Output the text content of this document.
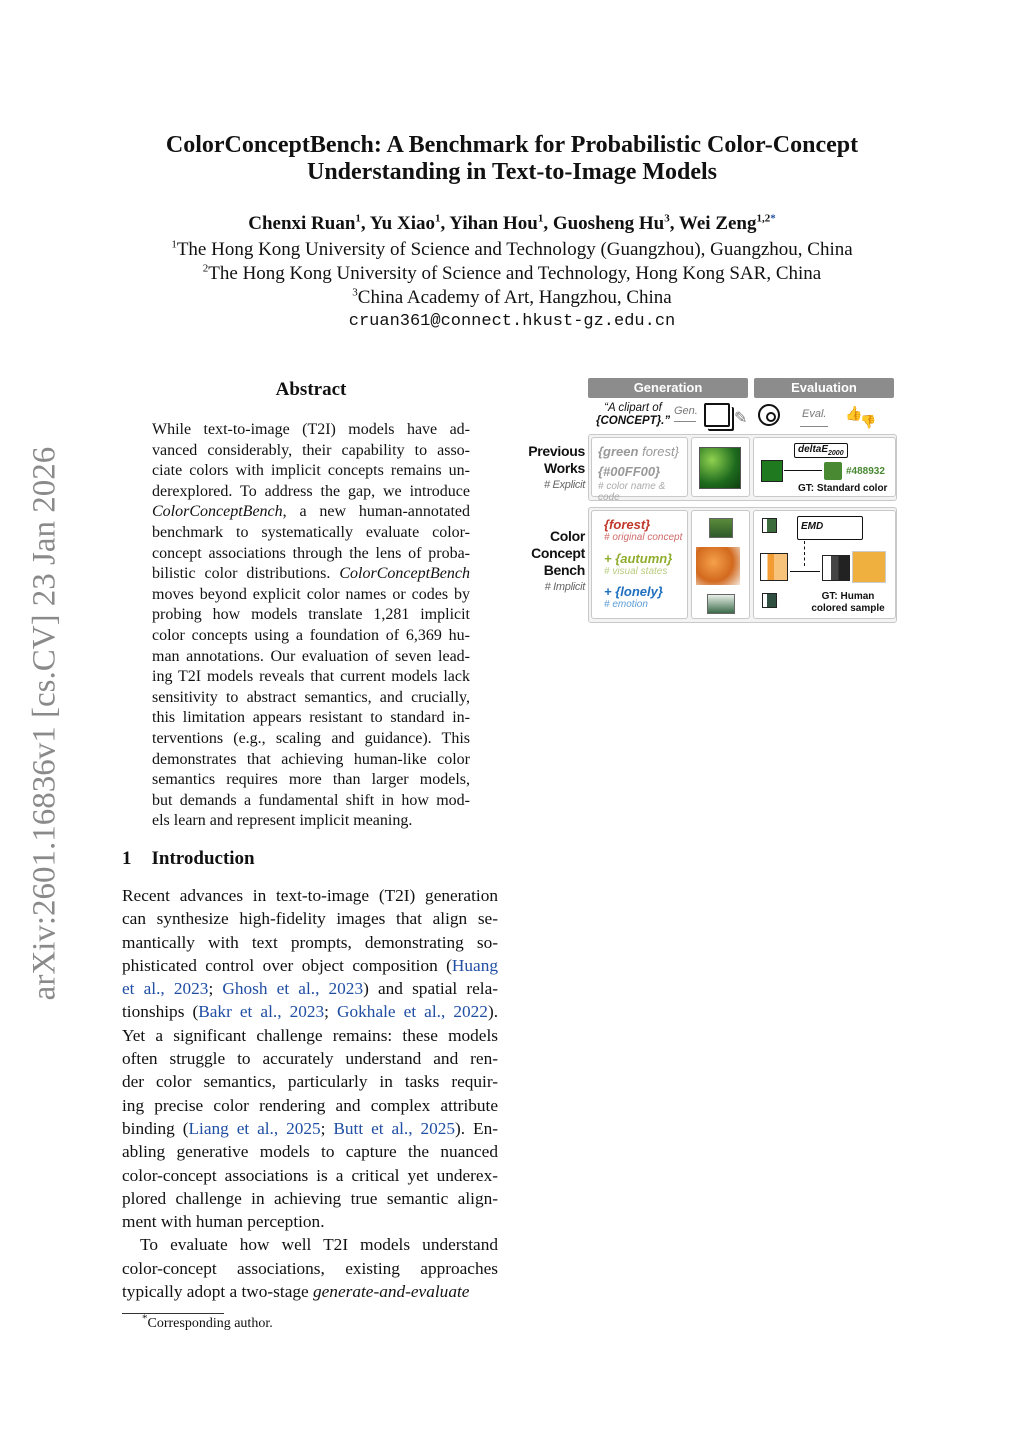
ColorConceptBench: A Benchmark for Probabilistic Color-Concept
Understanding in Text-to-Image Models
Chenxi Ruan$^1$, Yu Xiao$^1$, Yihan Hou$^1$, Guosheng Hu$^3$, Wei Zeng$^{1,2*}$
$^1$The Hong Kong University of Science and Technology (Guangzhou), Guangzhou, China
$^2$The Hong Kong University of Science and Technology, Hong Kong SAR, China
$^3$China Academy of Art, Hangzhou, China
cruan361@connect.hkust-gz.edu.cn
arXiv:2601.16836v1 [cs.CV] 23 Jan 2026
Abstract
While text-to-image (T2I) models have ad-
vanced considerably, their capability to asso-
ciate colors with implicit concepts remains un-
derexplored. To address the gap, we introduce
ColorConceptBench, a new human-annotated
benchmark to systematically evaluate color-
concept associations through the lens of proba-
bilistic color distributions. ColorConceptBench
moves beyond explicit color names or codes by
probing how models translate 1,281 implicit
color concepts using a foundation of 6,369 hu-
man annotations. Our evaluation of seven lead-
ing T2I models reveals that current models lack
sensitivity to abstract semantics, and crucially,
this limitation appears resistant to standard in-
terventions (e.g., scaling and guidance). This
demonstrates that achieving human-like color
semantics requires more than larger models,
but demands a fundamental shift in how mod-
els learn and represent implicit meaning.
1 Introduction
Recent advances in text-to-image (T2I) generation
can synthesize high-fidelity images that align se-
mantically with text prompts, demonstrating so-
phisticated control over object composition (Huang
et al., 2023; Ghosh et al., 2023) and spatial rela-
tionships (Bakr et al., 2023; Gokhale et al., 2022).
Yet a significant challenge remains: these models
often struggle to accurately understand and ren-
der color semantics, particularly in tasks requir-
ing precise color rendering and complex attribute
binding (Liang et al., 2025; Butt et al., 2025). En-
abling generative models to capture the nuanced
color-concept associations is a critical yet underex-
plored challenge in achieving true semantic align-
ment with human perception.
To evaluate how well T2I models understand
color-concept associations, existing approaches
typically adopt a two-stage generate-and-evaluate
*Corresponding author.
Generation	Evaluation
“A clipart of
{CONCEPT}.”
Gen. ✎	Eval. 👍
👎
Previous
Works
# Explicit
{green forest}
{#00FF00}
# color name & code
deltaE$_{2000}$
#488932
GT: Standard color
Color
Concept
Bench
# Implicit
{forest}
# original concept
+ {autumn}
# visual states
+ {lonely}
# emotion
EMD
GT: Human
colored sample
